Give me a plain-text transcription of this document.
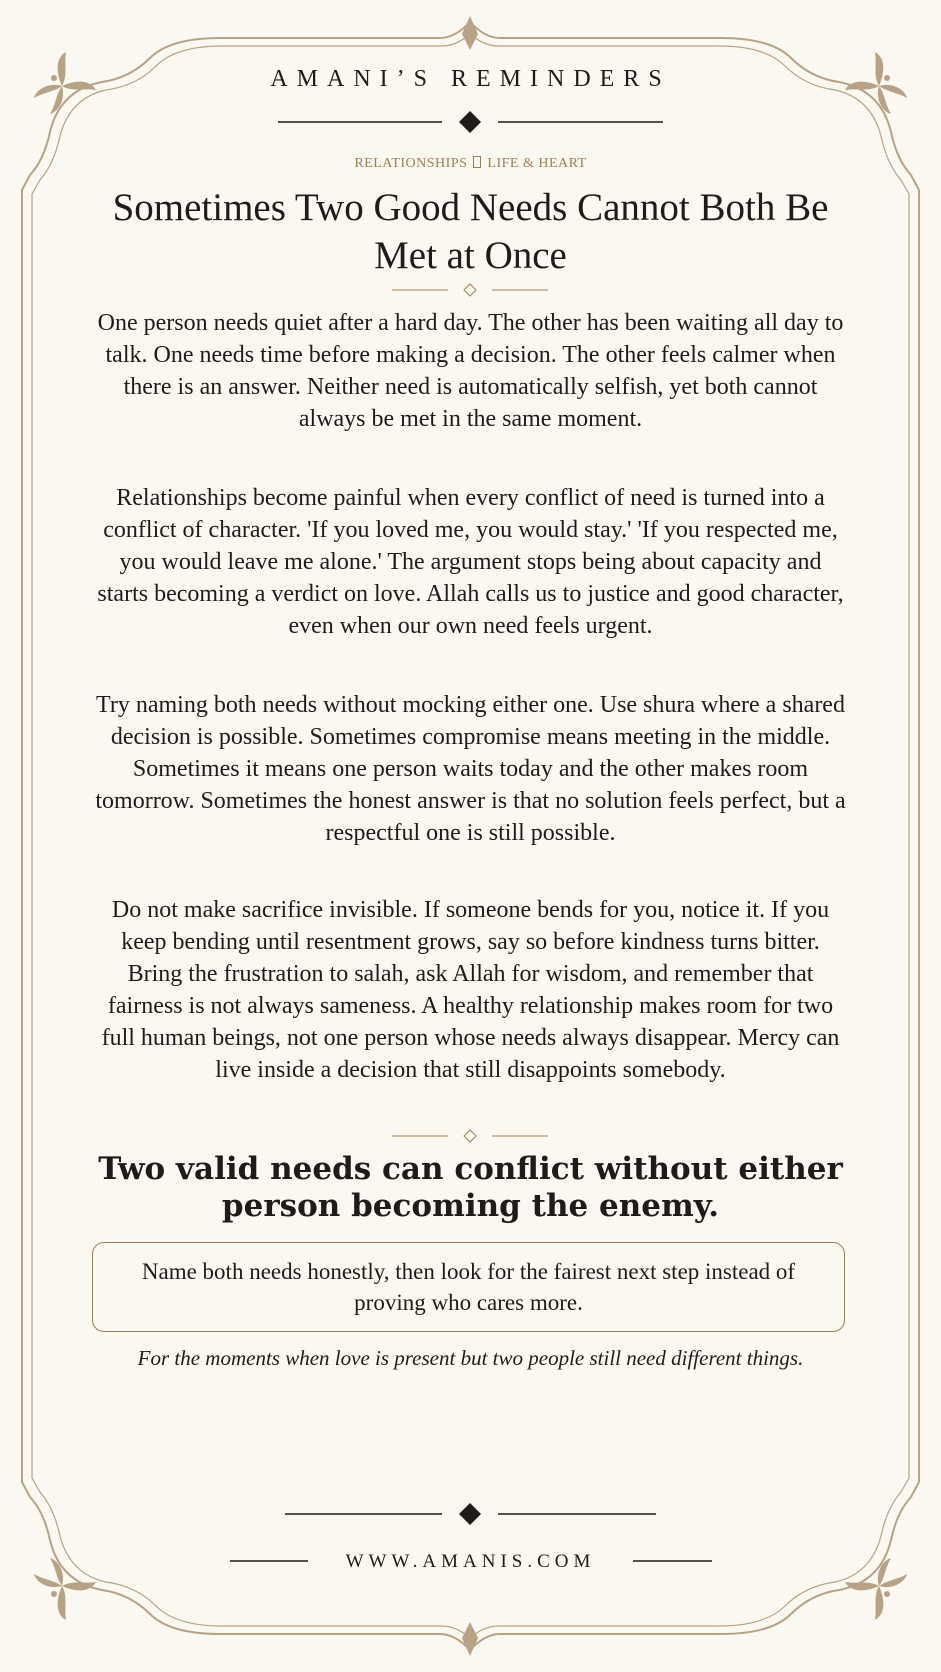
AMANI’S REMINDERS
RELATIONSHIPS LIFE & HEART
Sometimes Two Good Needs Cannot Both Be Met at Once

One person needs quiet after a hard day. The other has been waiting all day to talk. One needs time before making a decision. The other feels calmer when there is an answer. Neither need is automatically selfish, yet both cannot always be met in the same moment.

Relationships become painful when every conflict of need is turned into a conflict of character. 'If you loved me, you would stay.' 'If you respected me, you would leave me alone.' The argument stops being about capacity and starts becoming a verdict on love. Allah calls us to justice and good character, even when our own need feels urgent.

Try naming both needs without mocking either one. Use shura where a shared decision is possible. Sometimes compromise means meeting in the middle. Sometimes it means one person waits today and the other makes room tomorrow. Sometimes the honest answer is that no solution feels perfect, but a respectful one is still possible.

Do not make sacrifice invisible. If someone bends for you, notice it. If you keep bending until resentment grows, say so before kindness turns bitter. Bring the frustration to salah, ask Allah for wisdom, and remember that fairness is not always sameness. A healthy relationship makes room for two full human beings, not one person whose needs always disappear. Mercy can live inside a decision that still disappoints somebody.

Two valid needs can conflict without either person becoming the enemy.
Name both needs honestly, then look for the fairest next step instead of proving who cares more.
For the moments when love is present but two people still need different things.
WWW.AMANIS.COM
